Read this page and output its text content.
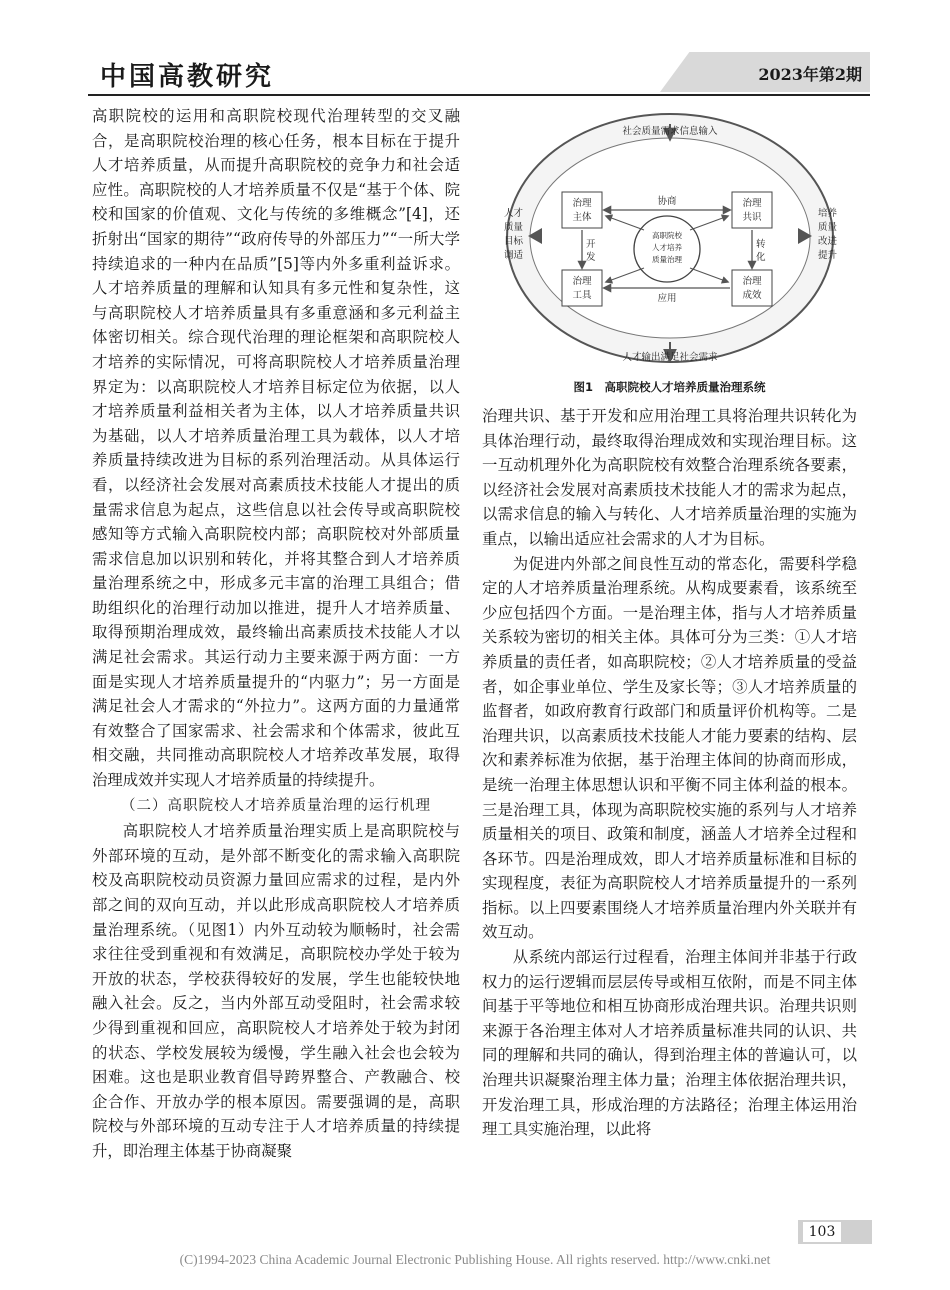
中国高教研究	2023年第2期

高职院校的运用和高职院校现代治理转型的交叉融合，是高职院校治理的核心任务，根本目标在于提升人才培养质量，从而提升高职院校的竞争力和社会适应性。高职院校的人才培养质量不仅是“基于个体、院校和国家的价值观、文化与传统的多维概念”[4]，还折射出“国家的期待”“政府传导的外部压力”“一所大学持续追求的一种内在品质”[5]等内外多重利益诉求。人才培养质量的理解和认知具有多元性和复杂性，这与高职院校人才培养质量具有多重意涵和多元利益主体密切相关。综合现代治理的理论框架和高职院校人才培养的实际情况，可将高职院校人才培养质量治理界定为：以高职院校人才培养目标定位为依据，以人才培养质量利益相关者为主体，以人才培养质量共识为基础，以人才培养质量治理工具为载体，以人才培养质量持续改进为目标的系列治理活动。从具体运行看，以经济社会发展对高素质技术技能人才提出的质量需求信息为起点，这些信息以社会传导或高职院校感知等方式输入高职院校内部；高职院校对外部质量需求信息加以识别和转化，并将其整合到人才培养质量治理系统之中，形成多元丰富的治理工具组合；借助组织化的治理行动加以推进，提升人才培养质量、取得预期治理成效，最终输出高素质技术技能人才以满足社会需求。其运行动力主要来源于两方面：一方面是实现人才培养质量提升的“内驱力”；另一方面是满足社会人才需求的“外拉力”。这两方面的力量通常有效整合了国家需求、社会需求和个体需求，彼此互相交融，共同推动高职院校人才培养改革发展，取得治理成效并实现人才培养质量的持续提升。

（二）高职院校人才培养质量治理的运行机理

高职院校人才培养质量治理实质上是高职院校与外部环境的互动，是外部不断变化的需求输入高职院校及高职院校动员资源力量回应需求的过程，是内外部之间的双向互动，并以此形成高职院校人才培养质量治理系统。（见图1）内外互动较为顺畅时，社会需求往往受到重视和有效满足，高职院校办学处于较为开放的状态，学校获得较好的发展，学生也能较快地融入社会。反之，当内外部互动受阻时，社会需求较少得到重视和回应，高职院校人才培养处于较为封闭的状态、学校发展较为缓慢，学生融入社会也会较为困难。这也是职业教育倡导跨界整合、产教融合、校企合作、开放办学的根本原因。需要强调的是，高职院校与外部环境的互动专注于人才培养质量的持续提升，即治理主体基于协商凝聚

社会质量需求信息输入
人才输出满足社会需求
人才质量目标调适
培养质量改进提升
治理主体
治理共识
治理工具
治理成效
协商
开发
转化
应用
高职院校人才培养质量治理
图1　高职院校人才培养质量治理系统

治理共识、基于开发和应用治理工具将治理共识转化为具体治理行动，最终取得治理成效和实现治理目标。这一互动机理外化为高职院校有效整合治理系统各要素，以经济社会发展对高素质技术技能人才的需求为起点，以需求信息的输入与转化、人才培养质量治理的实施为重点，以输出适应社会需求的人才为目标。

为促进内外部之间良性互动的常态化，需要科学稳定的人才培养质量治理系统。从构成要素看，该系统至少应包括四个方面。一是治理主体，指与人才培养质量关系较为密切的相关主体。具体可分为三类：①人才培养质量的责任者，如高职院校；②人才培养质量的受益者，如企事业单位、学生及家长等；③人才培养质量的监督者，如政府教育行政部门和质量评价机构等。二是治理共识，以高素质技术技能人才能力要素的结构、层次和素养标准为依据，基于治理主体间的协商而形成，是统一治理主体思想认识和平衡不同主体利益的根本。三是治理工具，体现为高职院校实施的系列与人才培养质量相关的项目、政策和制度，涵盖人才培养全过程和各环节。四是治理成效，即人才培养质量标准和目标的实现程度，表征为高职院校人才培养质量提升的一系列指标。以上四要素围绕人才培养质量治理内外关联并有效互动。

从系统内部运行过程看，治理主体间并非基于行政权力的运行逻辑而层层传导或相互依附，而是不同主体间基于平等地位和相互协商形成治理共识。治理共识则来源于各治理主体对人才培养质量标准共同的认识、共同的理解和共同的确认，得到治理主体的普遍认可，以治理共识凝聚治理主体力量；治理主体依据治理共识，开发治理工具，形成治理的方法路径；治理主体运用治理工具实施治理，以此将

103
(C)1994-2023 China Academic Journal Electronic Publishing House. All rights reserved. http://www.cnki.net
